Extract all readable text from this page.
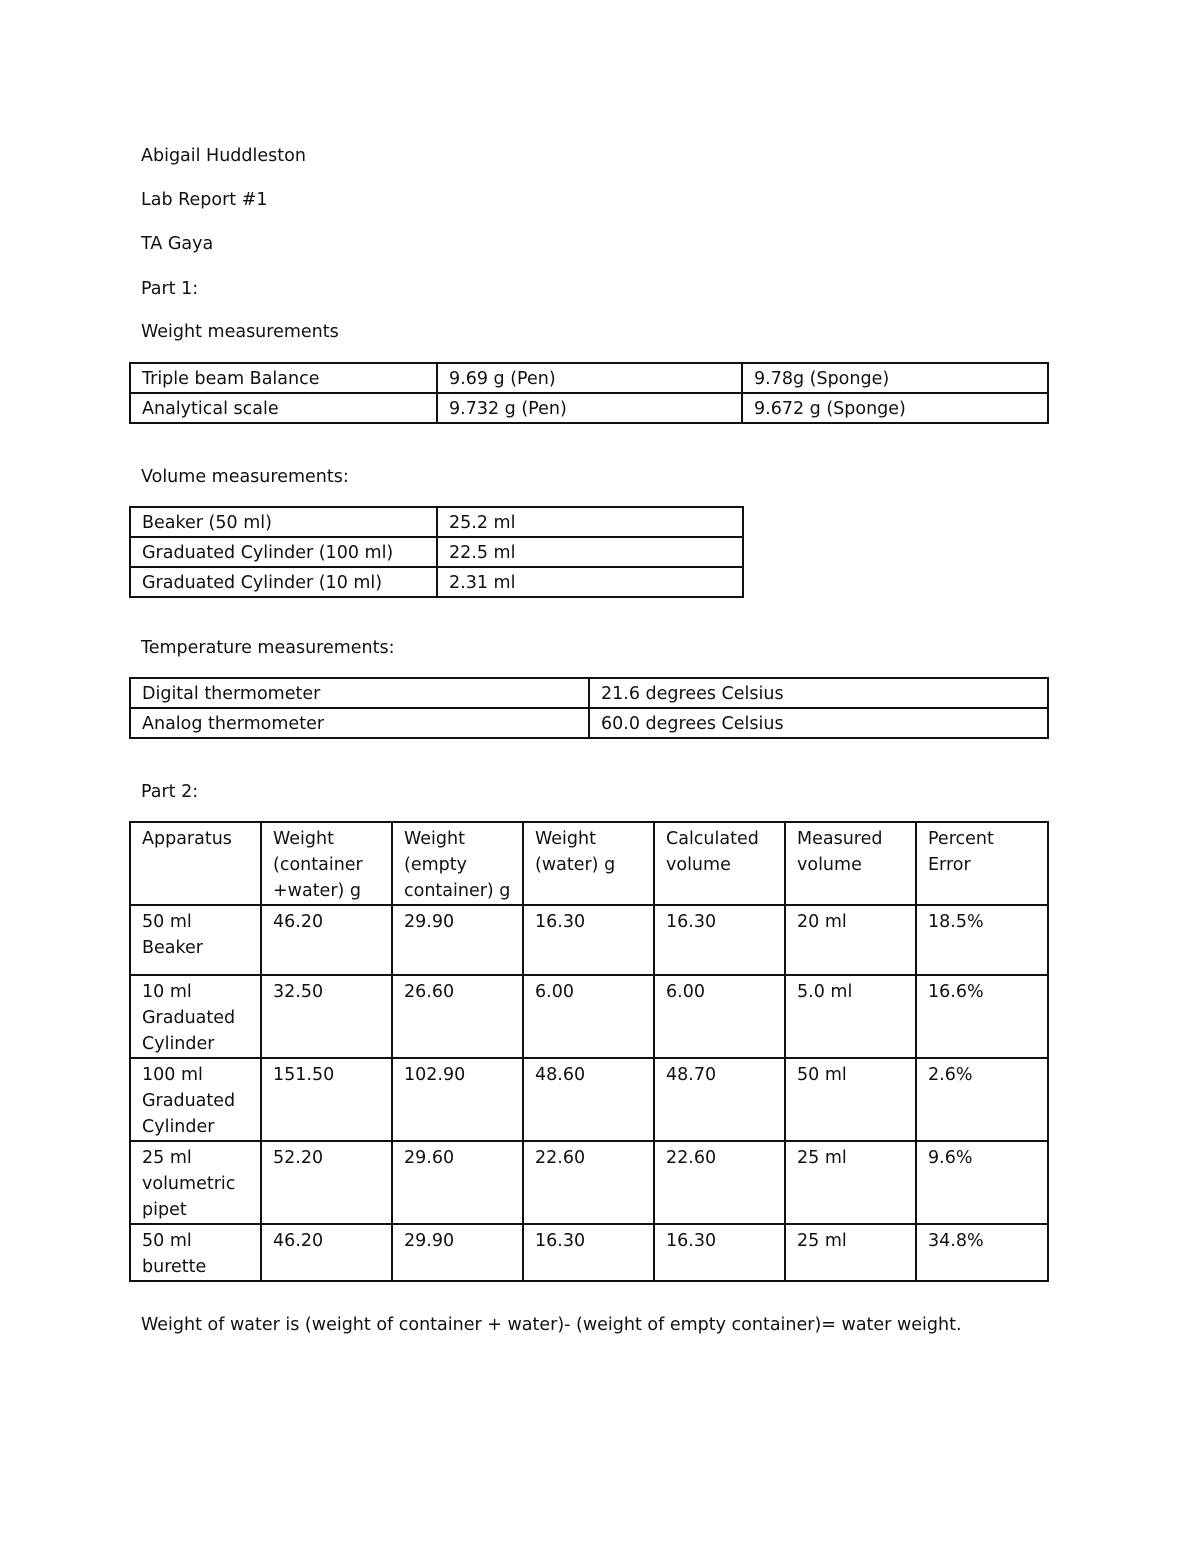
Abigail Huddleston

Lab Report #1

TA Gaya

Part 1:

Weight measurements

Triple beam Balance	9.69 g (Pen)	9.78g (Sponge)
Analytical scale	9.732 g (Pen)	9.672 g (Sponge)

Volume measurements:

Beaker (50 ml)	25.2 ml
Graduated Cylinder (100 ml)	22.5 ml
Graduated Cylinder (10 ml)	2.31 ml

Temperature measurements:

Digital thermometer	21.6 degrees Celsius
Analog thermometer	60.0 degrees Celsius

Part 2:

Apparatus	Weight (container +water) g	Weight (empty container) g	Weight (water) g	Calculated volume	Measured volume	Percent Error
50 ml Beaker	46.20	29.90	16.30	16.30	20 ml	18.5%
10 ml Graduated Cylinder	32.50	26.60	6.00	6.00	5.0 ml	16.6%
100 ml Graduated Cylinder	151.50	102.90	48.60	48.70	50 ml	2.6%
25 ml volumetric pipet	52.20	29.60	22.60	22.60	25 ml	9.6%
50 ml burette	46.20	29.90	16.30	16.30	25 ml	34.8%

Weight of water is (weight of container + water)- (weight of empty container)= water weight.
